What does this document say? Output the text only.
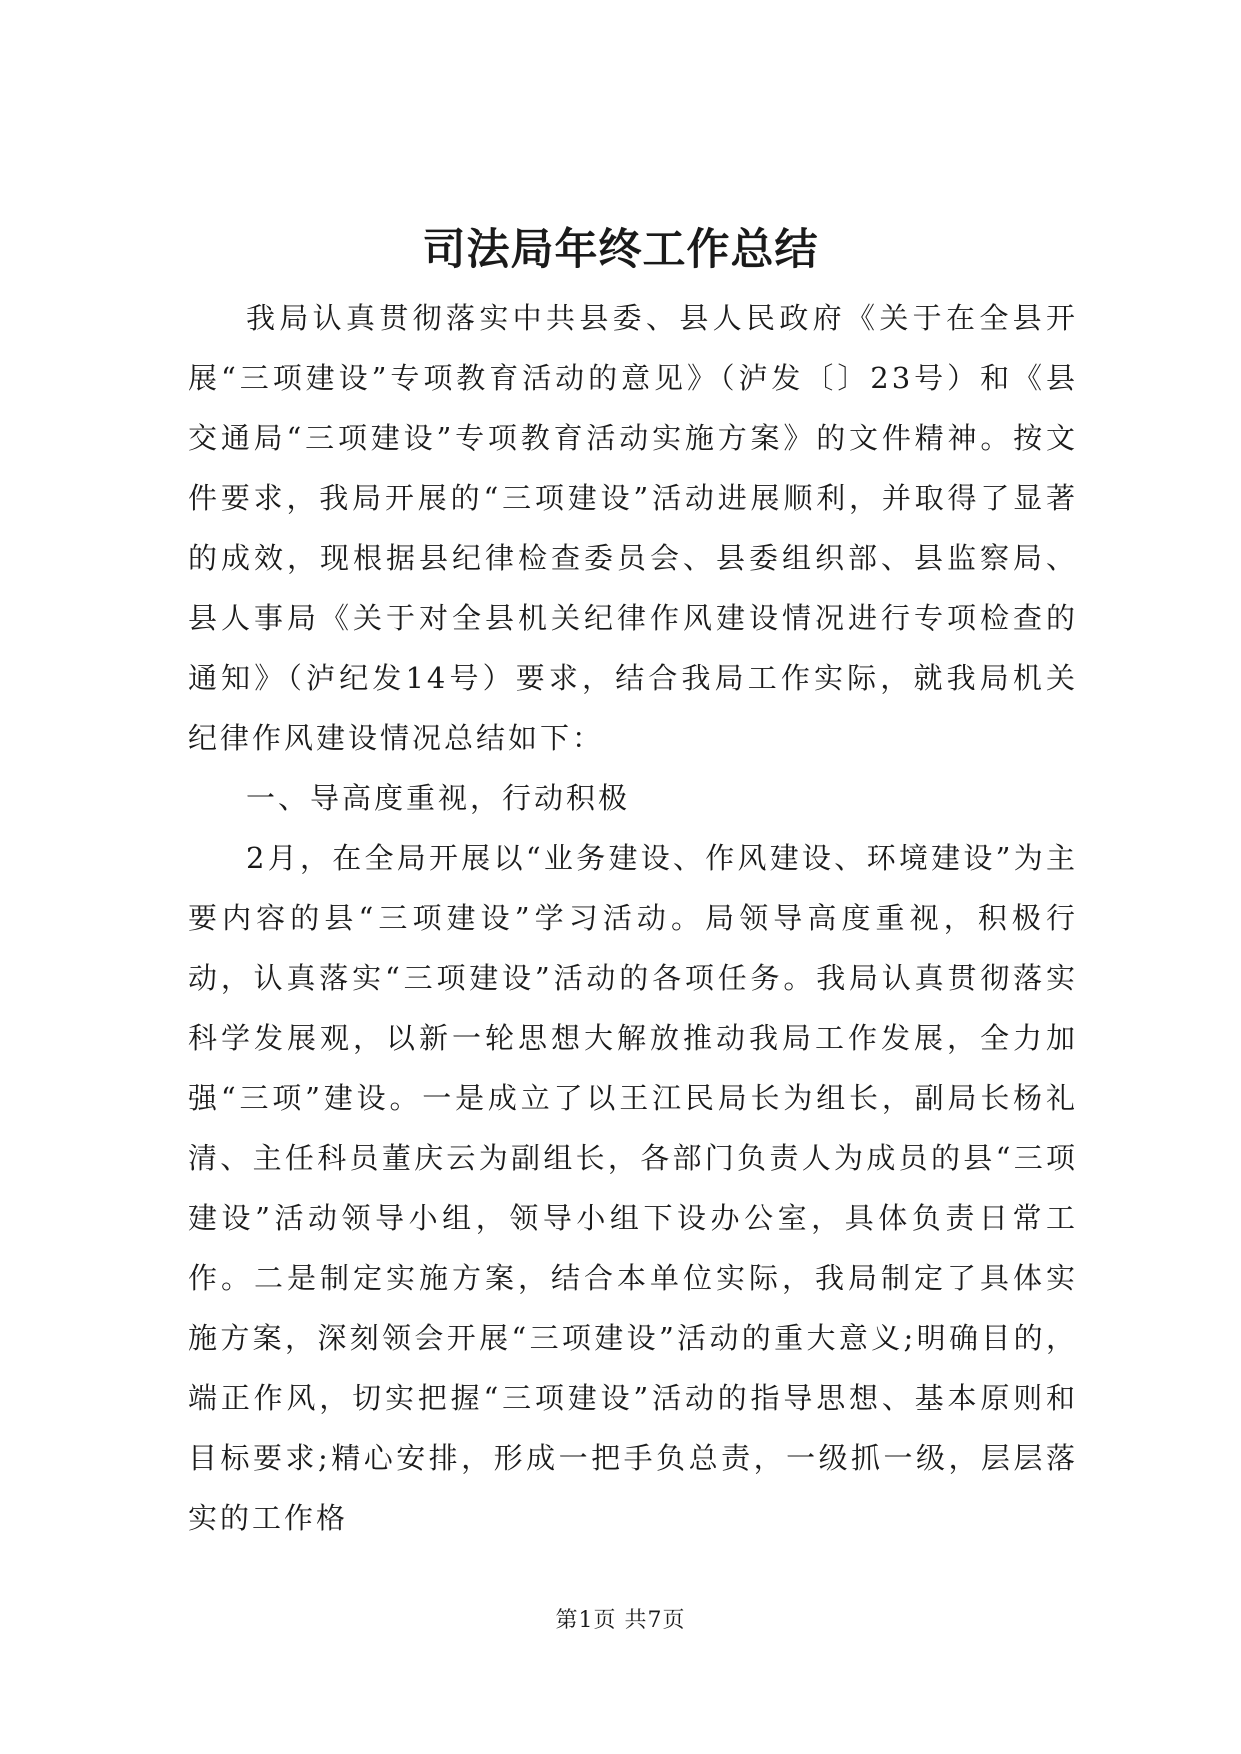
司法局年终工作总结

我局认真贯彻落实中共县委、县人民政府《关于在全县开展“三项建设”专项教育活动的意见》（泸发〔〕23号）和《县交通局“三项建设”专项教育活动实施方案》的文件精神。按文件要求，我局开展的“三项建设”活动进展顺利，并取得了显著的成效，现根据县纪律检查委员会、县委组织部、县监察局、县人事局《关于对全县机关纪律作风建设情况进行专项检查的通知》（泸纪发14号）要求，结合我局工作实际，就我局机关纪律作风建设情况总结如下：

一、导高度重视，行动积极

2月，在全局开展以“业务建设、作风建设、环境建设”为主要内容的县“三项建设”学习活动。局领导高度重视，积极行动，认真落实“三项建设”活动的各项任务。我局认真贯彻落实科学发展观，以新一轮思想大解放推动我局工作发展，全力加强“三项”建设。一是成立了以王江民局长为组长，副局长杨礼清、主任科员董庆云为副组长，各部门负责人为成员的县“三项建设”活动领导小组，领导小组下设办公室，具体负责日常工作。二是制定实施方案，结合本单位实际，我局制定了具体实施方案，深刻领会开展“三项建设”活动的重大意义;明确目的，端正作风，切实把握“三项建设”活动的指导思想、基本原则和目标要求;精心安排，形成一把手负总责，一级抓一级，层层落实的工作格

第1页 共7页
